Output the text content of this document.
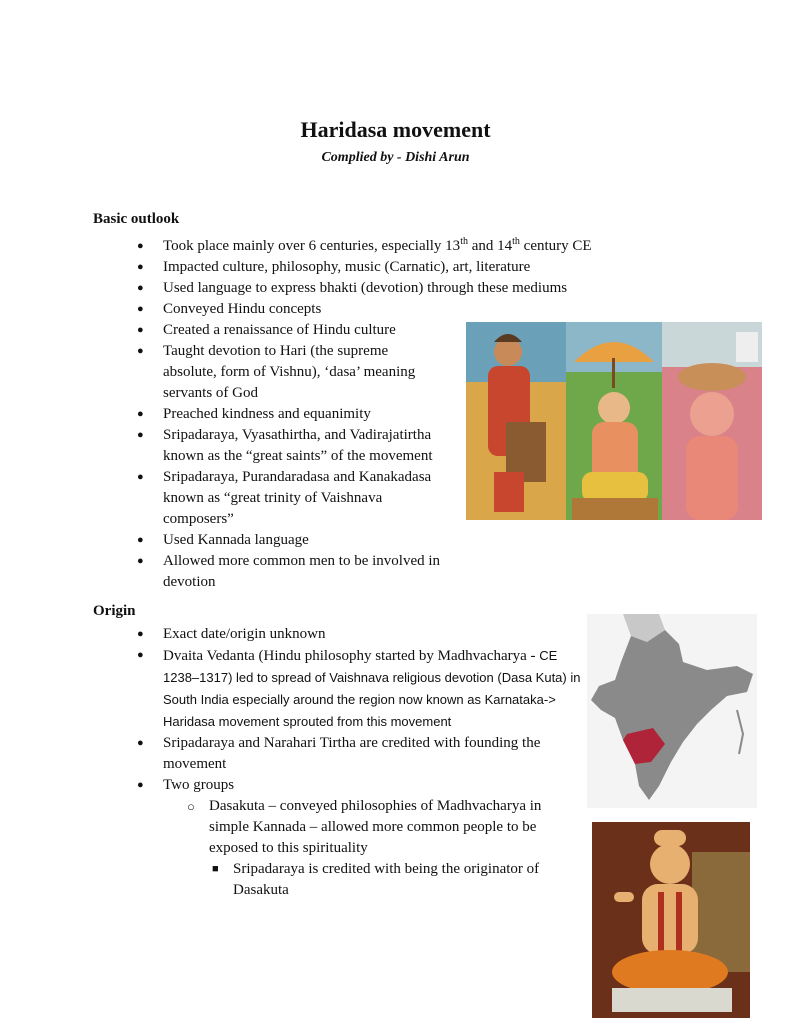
Haridasa movement

Complied by - Dishi Arun

Basic outlook

● Took place mainly over 6 centuries, especially 13th and 14th century CE
● Impacted culture, philosophy, music (Carnatic), art, literature
● Used language to express bhakti (devotion) through these mediums
● Conveyed Hindu concepts
● Created a renaissance of Hindu culture
● Taught devotion to Hari (the supreme absolute, form of Vishnu), ‘dasa’ meaning servants of God
● Preached kindness and equanimity
● Sripadaraya, Vyasathirtha, and Vadirajatirtha known as the “great saints” of the movement
● Sripadaraya, Purandaradasa and Kanakadasa known as “great trinity of Vaishnava composers”
● Used Kannada language
● Allowed more common men to be involved in devotion

Origin

● Exact date/origin unknown
● Dvaita Vedanta (Hindu philosophy started by Madhvacharya - CE 1238–1317) led to spread of Vaishnava religious devotion (Dasa Kuta) in South India especially around the region now known as Karnataka-> Haridasa movement sprouted from this movement
● Sripadaraya and Narahari Tirtha are credited with founding the movement
● Two groups
○ Dasakuta – conveyed philosophies of Madhvacharya in simple Kannada – allowed more common people to be exposed to this spirituality
■ Sripadaraya is credited with being the originator of Dasakuta
